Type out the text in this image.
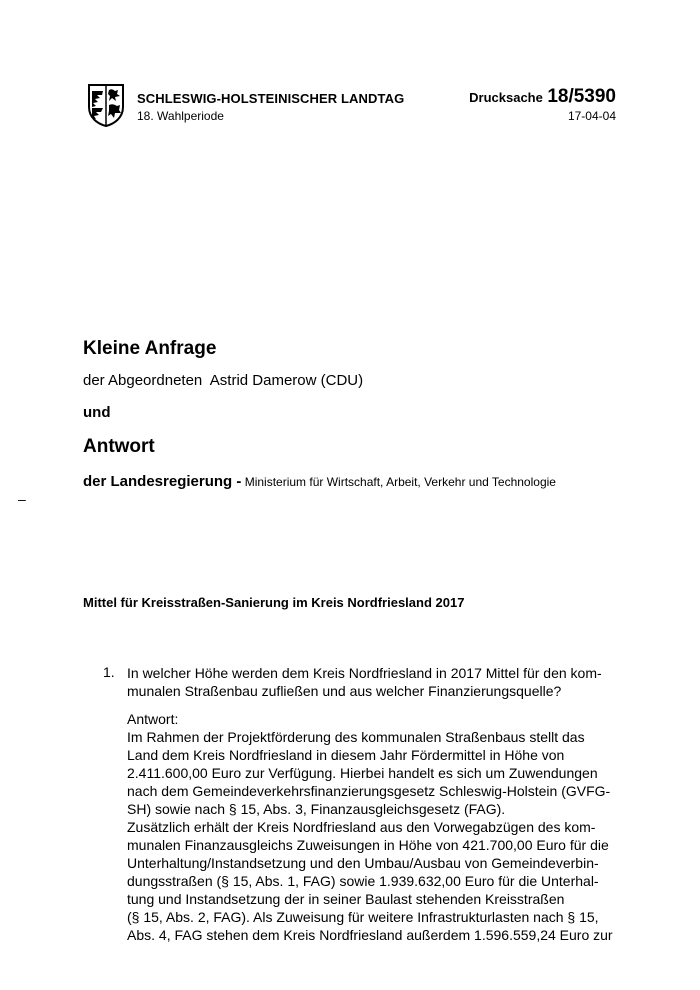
SCHLESWIG-HOLSTEINISCHER LANDTAG
18. Wahlperiode
Drucksache 18/5390
17-04-04
Kleine Anfrage
der Abgeordneten  Astrid Damerow (CDU)
und
Antwort
der Landesregierung - Ministerium für Wirtschaft, Arbeit, Verkehr und Technologie
–
Mittel für Kreisstraßen-Sanierung im Kreis Nordfriesland 2017
1. In welcher Höhe werden dem Kreis Nordfriesland in 2017 Mittel für den kom-
munalen Straßenbau zufließen und aus welcher Finanzierungsquelle?
Antwort:
Im Rahmen der Projektförderung des kommunalen Straßenbaus stellt das
Land dem Kreis Nordfriesland in diesem Jahr Fördermittel in Höhe von
2.411.600,00 Euro zur Verfügung. Hierbei handelt es sich um Zuwendungen
nach dem Gemeindeverkehrsfinanzierungsgesetz Schleswig-Holstein (GVFG-
SH) sowie nach § 15, Abs. 3, Finanzausgleichsgesetz (FAG).
Zusätzlich erhält der Kreis Nordfriesland aus den Vorwegabzügen des kom-
munalen Finanzausgleichs Zuweisungen in Höhe von 421.700,00 Euro für die
Unterhaltung/Instandsetzung und den Umbau/Ausbau von Gemeindeverbin-
dungsstraßen (§ 15, Abs. 1, FAG) sowie 1.939.632,00 Euro für die Unterhal-
tung und Instandsetzung der in seiner Baulast stehenden Kreisstraßen
(§ 15, Abs. 2, FAG). Als Zuweisung für weitere Infrastrukturlasten nach § 15,
Abs. 4, FAG stehen dem Kreis Nordfriesland außerdem 1.596.559,24 Euro zur
